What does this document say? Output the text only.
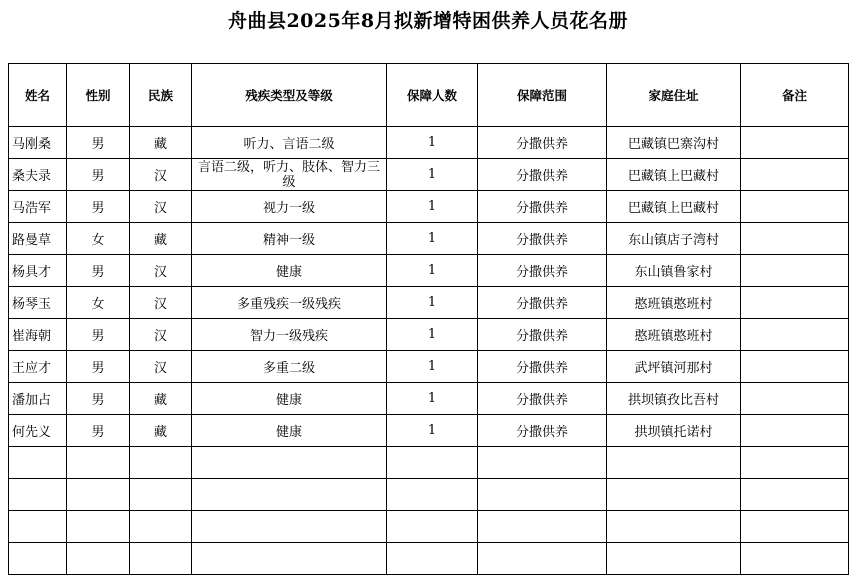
舟曲县2025年8月拟新增特困供养人员花名册
姓名	性别	民族	残疾类型及等级	保障人数	保障范围	家庭住址	备注
马刚桑	男	藏	听力、言语二级	1	分撒供养	巴藏镇巴寨沟村	
桑夫录	男	汉	言语二级，听力、肢体、智力三级	1	分撒供养	巴藏镇上巴藏村	
马浩军	男	汉	视力一级	1	分撒供养	巴藏镇上巴藏村	
路曼草	女	藏	精神一级	1	分撒供养	东山镇店子湾村	
杨具才	男	汉	健康	1	分撒供养	东山镇鲁家村	
杨琴玉	女	汉	多重残疾一级残疾	1	分撒供养	憨班镇憨班村	
崔海朝	男	汉	智力一级残疾	1	分撒供养	憨班镇憨班村	
王应才	男	汉	多重二级	1	分撒供养	武坪镇河那村	
潘加占	男	藏	健康	1	分撒供养	拱坝镇孜比吾村	
何先义	男	藏	健康	1	分撒供养	拱坝镇托诺村	
